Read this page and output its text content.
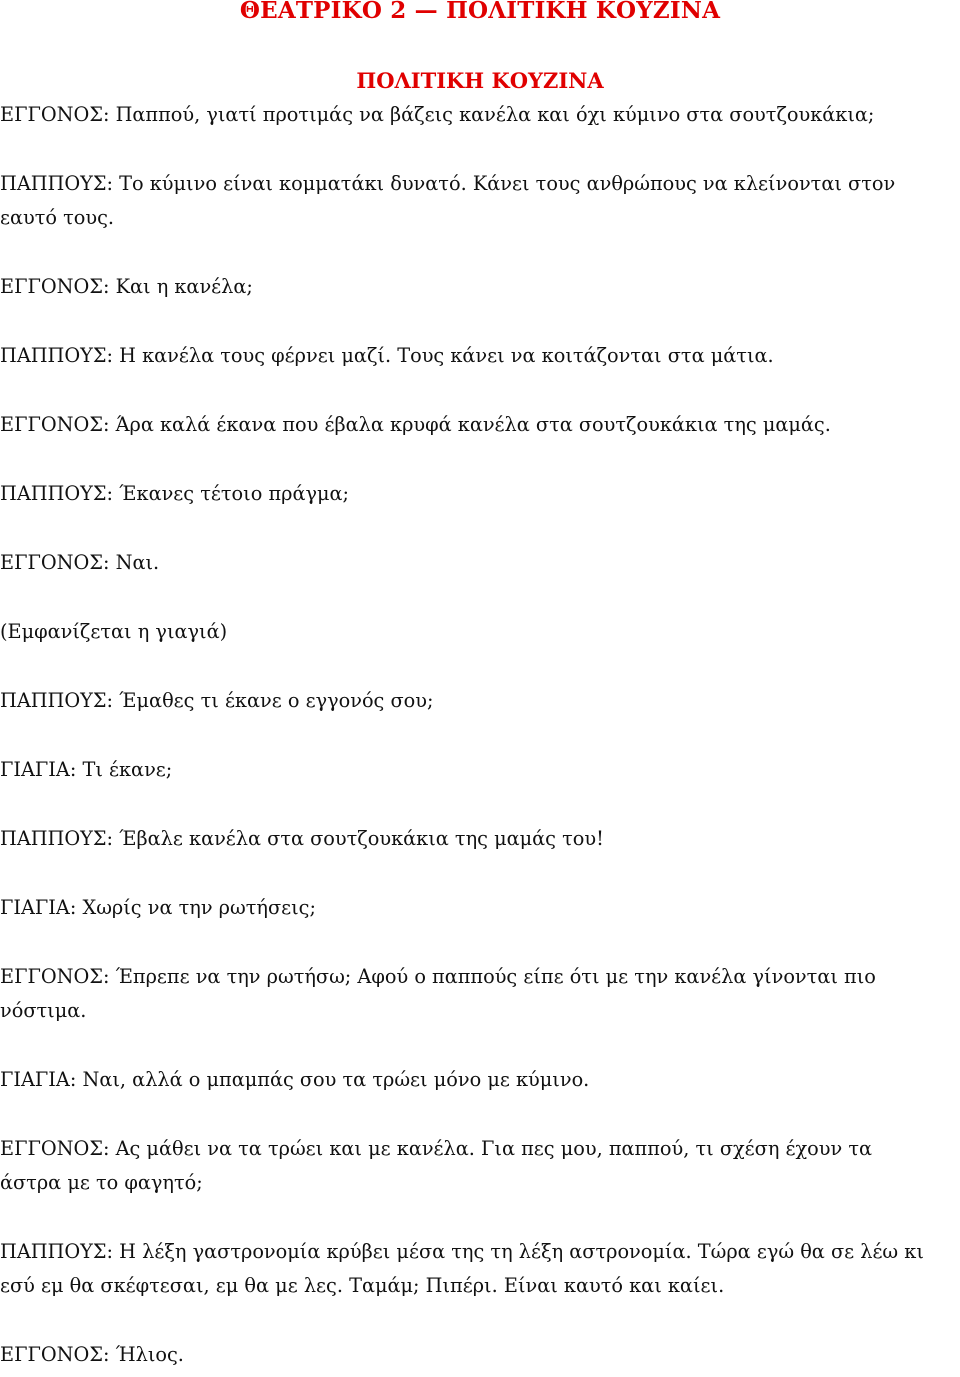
ΘΕΑΤΡΙΚΟ 2 — ΠΟΛΙΤΙΚΗ ΚΟΥΖΙΝΑ
ΠΟΛΙΤΙΚΗ ΚΟΥΖΙΝΑ

ΕΓΓΟΝΟΣ: Παππού, γιατί προτιμάς να βάζεις κανέλα και όχι κύμινο στα σουτζουκάκια;

ΠΑΠΠΟΥΣ: Το κύμινο είναι κομματάκι δυνατό. Κάνει τους ανθρώπους να κλείνονται στον

εαυτό τους.

ΕΓΓΟΝΟΣ: Και η κανέλα;

ΠΑΠΠΟΥΣ: Η κανέλα τους φέρνει μαζί. Τους κάνει να κοιτάζονται στα μάτια.

ΕΓΓΟΝΟΣ: Άρα καλά έκανα που έβαλα κρυφά κανέλα στα σουτζουκάκια της μαμάς.

ΠΑΠΠΟΥΣ: Έκανες τέτοιο πράγμα;

ΕΓΓΟΝΟΣ: Ναι.

(Εμφανίζεται η γιαγιά)

ΠΑΠΠΟΥΣ: Έμαθες τι έκανε ο εγγονός σου;

ΓΙΑΓΙΑ: Τι έκανε;

ΠΑΠΠΟΥΣ: Έβαλε κανέλα στα σουτζουκάκια της μαμάς του!

ΓΙΑΓΙΑ: Χωρίς να την ρωτήσεις;

ΕΓΓΟΝΟΣ: Έπρεπε να την ρωτήσω; Αφού ο παππούς είπε ότι με την κανέλα γίνονται πιο

νόστιμα.

ΓΙΑΓΙΑ: Ναι, αλλά ο μπαμπάς σου τα τρώει μόνο με κύμινο.

ΕΓΓΟΝΟΣ: Ας μάθει να τα τρώει και με κανέλα. Για πες μου, παππού, τι σχέση έχουν τα

άστρα με το φαγητό;

ΠΑΠΠΟΥΣ: Η λέξη γαστρονομία κρύβει μέσα της τη λέξη αστρονομία. Τώρα εγώ θα σε λέω κι

εσύ εμ θα σκέφτεσαι, εμ θα με λες. Ταμάμ; Πιπέρι. Είναι καυτό και καίει.

ΕΓΓΟΝΟΣ: Ήλιος.
